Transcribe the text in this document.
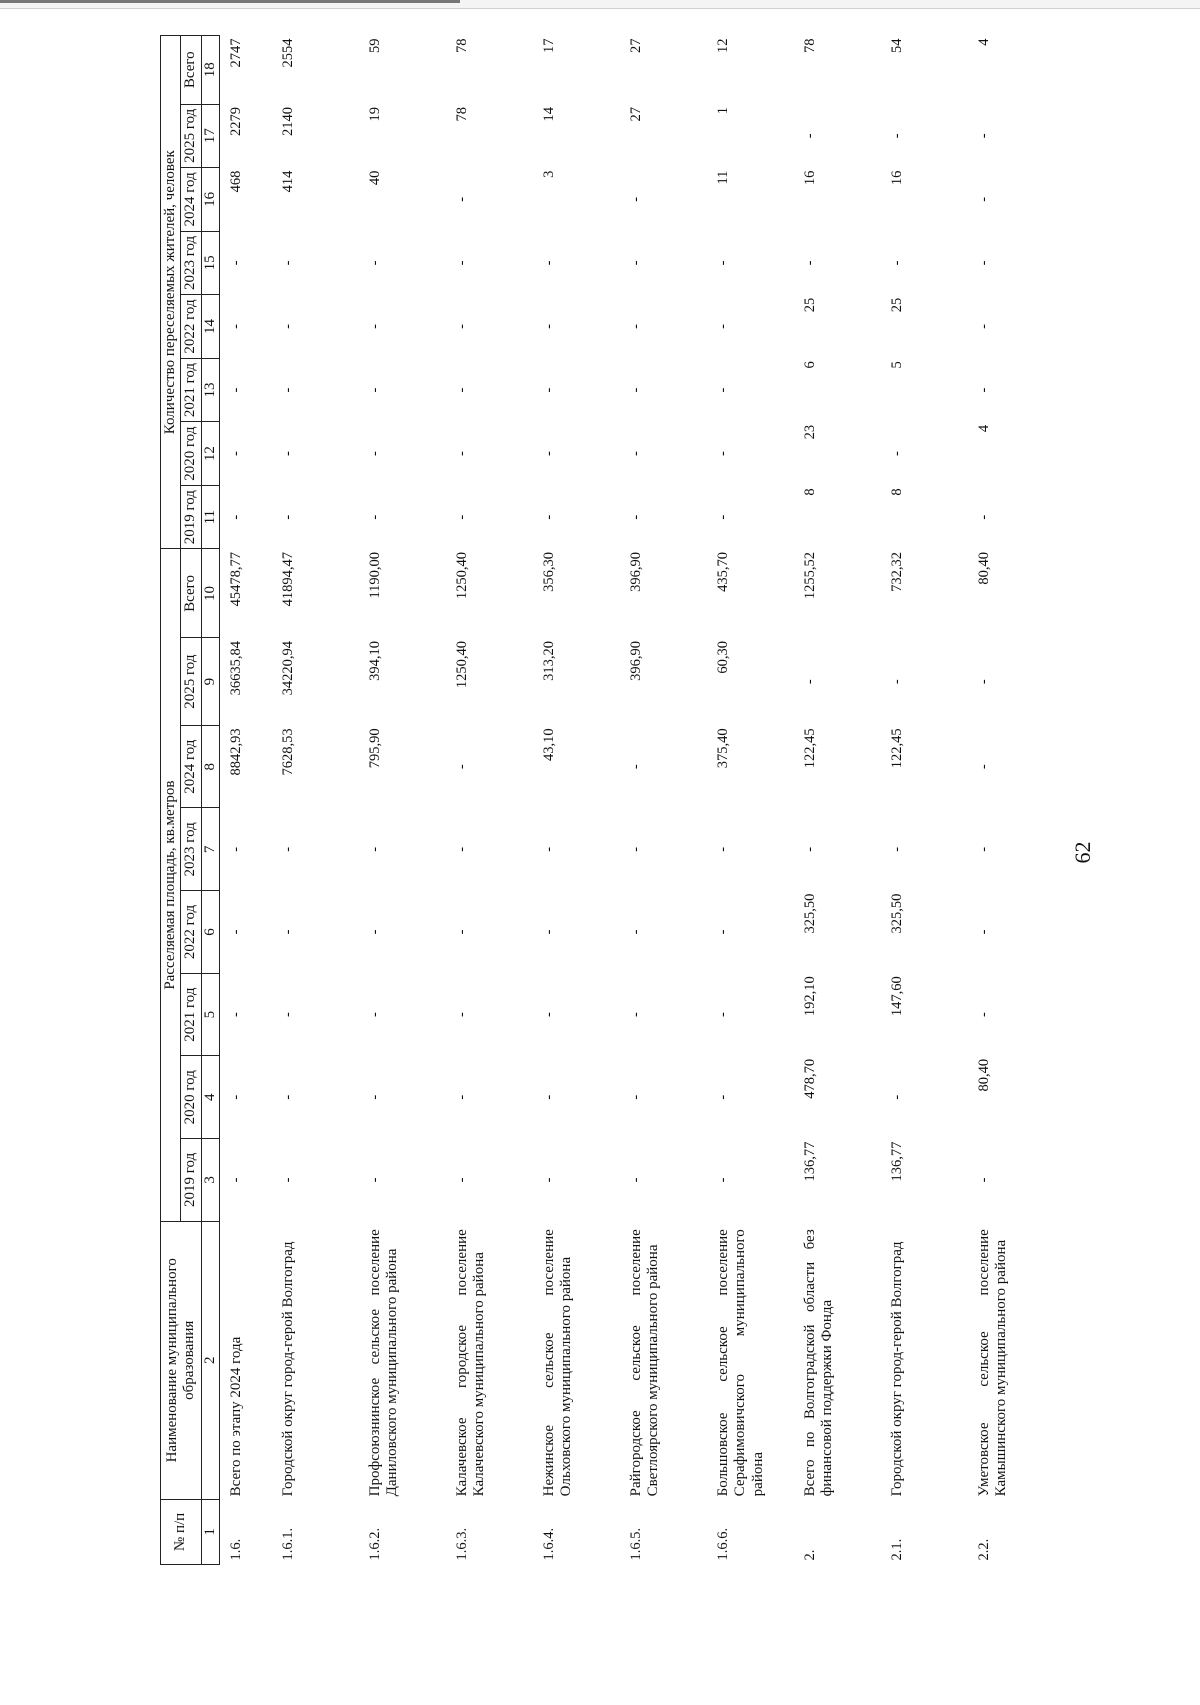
62
№ п/п	Наименование муниципального образования	Расселяемая площадь, кв.метров								Количество переселяемых жителей, человек							
		2019 год	2020 год	2021 год	2022 год	2023 год	2024 год	2025 год	Всего	2019 год	2020 год	2021 год	2022 год	2023 год	2024 год	2025 год	Всего
1	2	3	4	5	6	7	8	9	10	11	12	13	14	15	16	17	18
1.6.	Всего по этапу 2024 года	-	-	-	-	-	8842,93	36635,84	45478,77	-	-	-	-	-	468	2279	2747
1.6.1.	Городской округ город-герой Волгоград	-	-	-	-	-	7628,53	34220,94	41894,47	-	-	-	-	-	414	2140	2554
1.6.2.	Профсоюзнинское сельское поселение Даниловского муниципального района	-	-	-	-	-	795,90	394,10	1190,00	-	-	-	-	-	40	19	59
1.6.3.	Калачевское городское поселение Калачевского муниципального района	-	-	-	-	-	-	1250,40	1250,40	-	-	-	-	-	-	78	78
1.6.4.	Нежинское сельское поселение Ольховского муниципального района	-	-	-	-	-	43,10	313,20	356,30	-	-	-	-	-	3	14	17
1.6.5.	Райгородское сельское поселение Светлоярского муниципального района	-	-	-	-	-	-	396,90	396,90	-	-	-	-	-	-	27	27
1.6.6.	Большовское сельское поселение Серафимовичского муниципального района	-	-	-	-	-	375,40	60,30	435,70	-	-	-	-	-	11	1	12
2.	Всего по Волгоградской области без финансовой поддержки Фонда	136,77	478,70	192,10	325,50	-	122,45	-	1255,52	8	23	6	25	-	16	-	78
2.1.	Городской округ город-герой Волгоград	136,77	-	147,60	325,50	-	122,45	-	732,32	8	-	5	25	-	16	-	54
2.2.	Уметовское сельское поселение Камышинского муниципального района	-	80,40	-	-	-	-	-	80,40	-	4	-	-	-	-	-	4
